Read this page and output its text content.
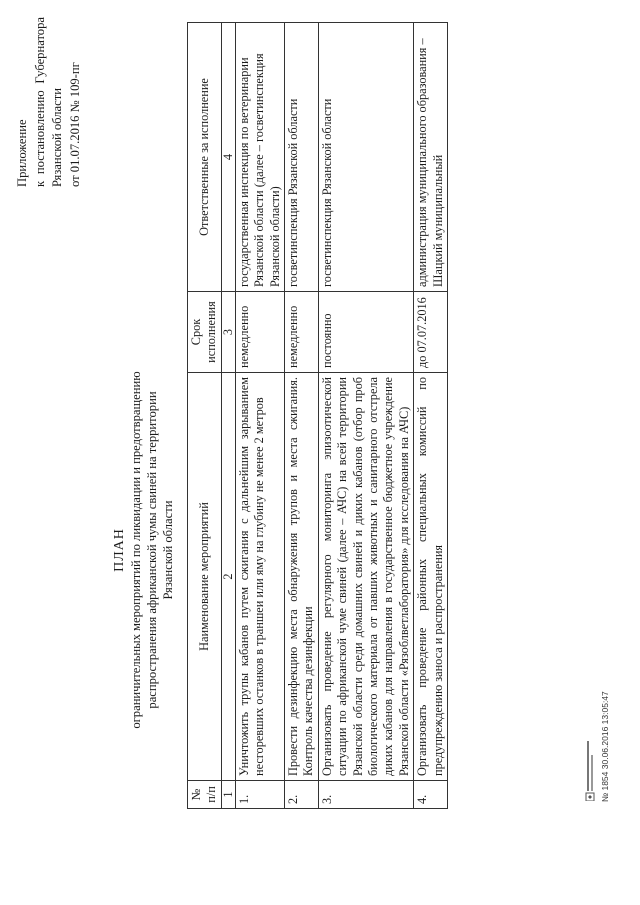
Приложение к
постановлению
Губернатора
Рязанской области от 01.07.2016 № 109-пг
ПЛАН ограничительных мероприятий по ликвидации и предотвращению распространения африканской чумы свиней на территории Рязанской области
№ п/п	Наименование мероприятий	Срок исполнения	Ответственные за исполнение
1	2	3	4
1.	Уничтожить трупы кабанов путем сжигания с дальнейшим зарыванием несгоревших останков в траншеи или яму на глубину не менее 2 метров	немедленно	государственная инспекция по ветеринарии Рязанской области (далее – госветинспекция Рязанской области)
2.	Провести дезинфекцию места обнаружения трупов и места сжигания. Контроль качества дезинфекции	немедленно	госветинспекция Рязанской области
3.	Организовать проведение регулярного мониторинга эпизоотической ситуации по африканской чуме свиней (далее – АЧС) на всей территории Рязанской области среди домашних свиней и диких кабанов (отбор проб биологического материала от павших животных и санитарного отстрела диких кабанов для направления в государственное бюджетное учреждение Рязанской области «Рязоблветлаборатория» для исследования на АЧС)	постоянно	госветинспекция Рязанской области
4.	Организовать проведение районных специальных комиссий по предупреждению заноса и распространения	до 07.07.2016	администрация муниципального образования – Шацкий муниципальный
№ 1854 30.06.2016 13:05:47
